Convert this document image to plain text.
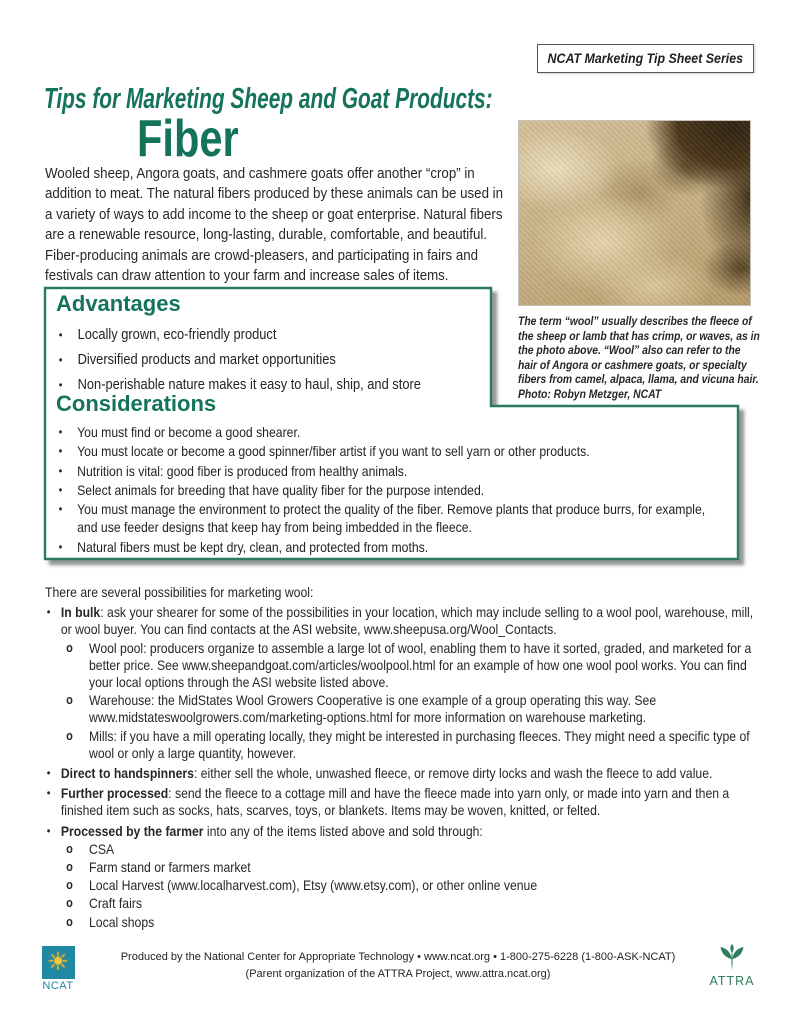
NCAT Marketing Tip Sheet Series
Tips for Marketing Sheep and Goat Products:
Fiber
Wooled sheep, Angora goats, and cashmere goats offer another “crop” in addition to meat. The natural fibers produced by these animals can be used in a variety of ways to add income to the sheep or goat enterprise. Natural fibers are a renewable resource, long-lasting, durable, comfortable, and beautiful. Fiber-producing animals are crowd-pleasers, and participating in fairs and festivals can draw attention to your farm and increase sales of items.
The term “wool” usually describes the fleece of the sheep or lamb that has crimp, or waves, as in the photo above. “Wool” also can refer to the hair of Angora or cashmere goats, or specialty fibers from camel, alpaca, llama, and vicuna hair. Photo: Robyn Metzger, NCAT
Advantages
•	Locally grown, eco-friendly product
•	Diversified products and market opportunities
•	Non-perishable nature makes it easy to haul, ship, and store
Considerations
•	You must find or become a good shearer.
•	You must locate or become a good spinner/fiber artist if you want to sell yarn or other products.
•	Nutrition is vital: good fiber is produced from healthy animals.
•	Select animals for breeding that have quality fiber for the purpose intended.
•	You must manage the environment to protect the quality of the fiber. Remove plants that produce burrs, for example, and use feeder designs that keep hay from being imbedded in the fleece.
•	Natural fibers must be kept dry, clean, and protected from moths.
There are several possibilities for marketing wool:
• In bulk: ask your shearer for some of the possibilities in your location, which may include selling to a wool pool, warehouse, mill, or wool buyer. You can find contacts at the ASI website, www.sheepusa.org/Wool_Contacts.
o	Wool pool: producers organize to assemble a large lot of wool, enabling them to have it sorted, graded, and marketed for a better price. See www.sheepandgoat.com/articles/woolpool.html for an example of how one wool pool works. You can find your local options through the ASI website listed above.
o	Warehouse: the MidStates Wool Growers Cooperative is one example of a group operating this way. See www.midstateswoolgrowers.com/marketing-options.html for more information on warehouse marketing.
o	Mills: if you have a mill operating locally, they might be interested in purchasing fleeces. They might need a specific type of wool or only a large quantity, however.
• Direct to handspinners: either sell the whole, unwashed fleece, or remove dirty locks and wash the fleece to add value.
• Further processed: send the fleece to a cottage mill and have the fleece made into yarn only, or made into yarn and then a finished item such as socks, hats, scarves, toys, or blankets. Items may be woven, knitted, or felted.
• Processed by the farmer into any of the items listed above and sold through:
o	CSA
o	Farm stand or farmers market
o	Local Harvest (www.localharvest.com), Etsy (www.etsy.com), or other online venue
o	Craft fairs
o	Local shops
☀
NCAT
Produced by the National Center for Appropriate Technology • www.ncat.org • 1-800-275-6228 (1-800-ASK-NCAT)
(Parent organization of the ATTRA Project, www.attra.ncat.org)	ATTRA
